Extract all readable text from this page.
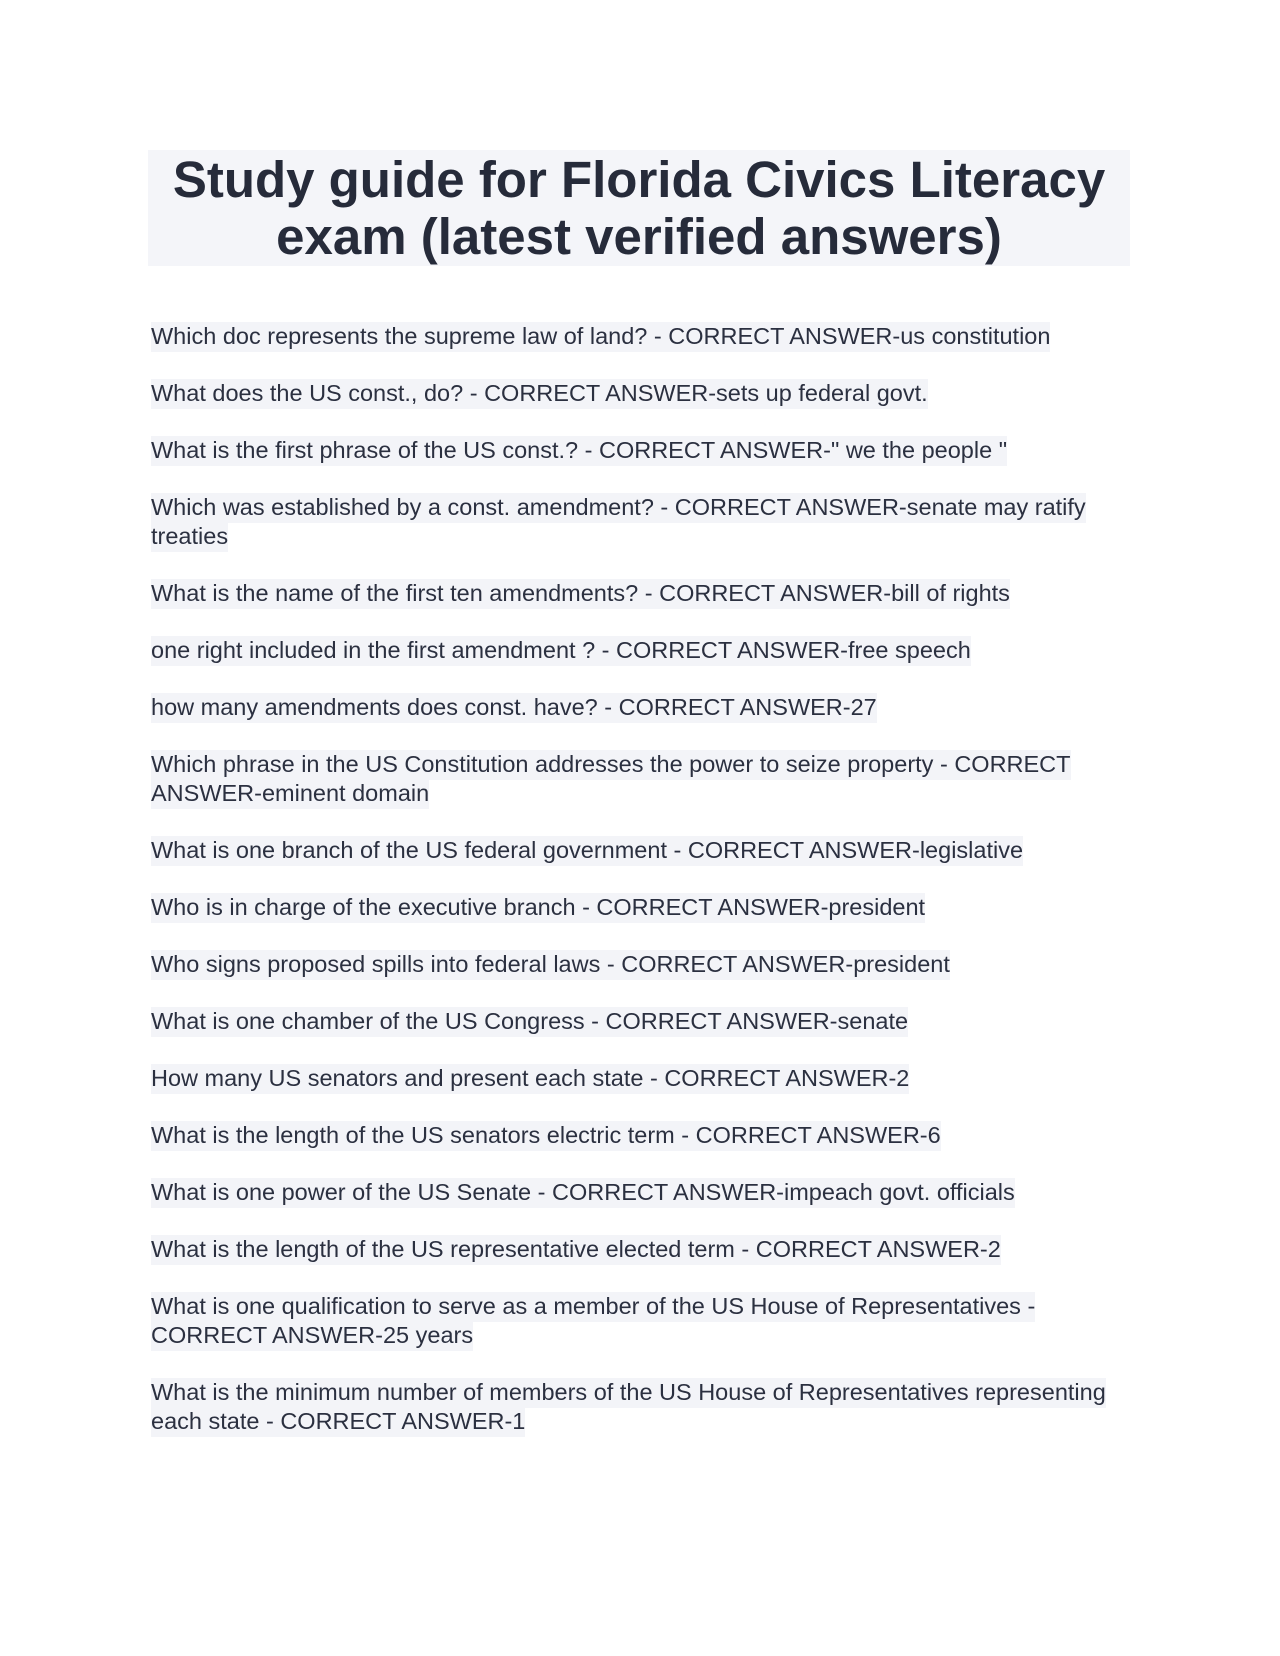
Study guide for Florida Civics Literacy
exam (latest verified answers)
Which doc represents the supreme law of land? - CORRECT ANSWER-us constitution
What does the US const., do? - CORRECT ANSWER-sets up federal govt.
What is the first phrase of the US const.? - CORRECT ANSWER-" we the people "
Which was established by a const. amendment? - CORRECT ANSWER-senate may ratify treaties
What is the name of the first ten amendments? - CORRECT ANSWER-bill of rights
one right included in the first amendment ? - CORRECT ANSWER-free speech
how many amendments does const. have? - CORRECT ANSWER-27
Which phrase in the US Constitution addresses the power to seize property - CORRECT ANSWER-eminent domain
What is one branch of the US federal government - CORRECT ANSWER-legislative
Who is in charge of the executive branch - CORRECT ANSWER-president
Who signs proposed spills into federal laws - CORRECT ANSWER-president
What is one chamber of the US Congress - CORRECT ANSWER-senate
How many US senators and present each state - CORRECT ANSWER-2
What is the length of the US senators electric term - CORRECT ANSWER-6
What is one power of the US Senate - CORRECT ANSWER-impeach govt. officials
What is the length of the US representative elected term - CORRECT ANSWER-2
What is one qualification to serve as a member of the US House of Representatives - CORRECT ANSWER-25 years
What is the minimum number of members of the US House of Representatives representing each state - CORRECT ANSWER-1
